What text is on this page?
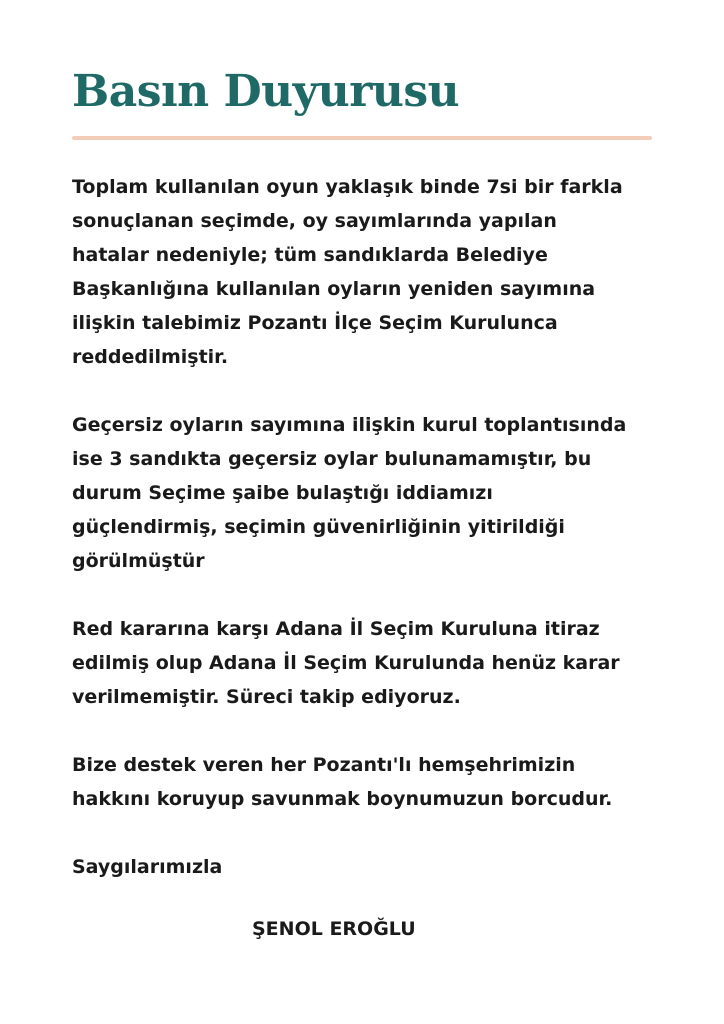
Basın Duyurusu

Toplam kullanılan oyun yaklaşık binde 7si bir farkla
sonuçlanan seçimde, oy sayımlarında yapılan
hatalar nedeniyle; tüm sandıklarda Belediye
Başkanlığına kullanılan oyların yeniden sayımına
ilişkin talebimiz Pozantı İlçe Seçim Kurulunca
reddedilmiştir.

Geçersiz oyların sayımına ilişkin kurul toplantısında
ise 3 sandıkta geçersiz oylar bulunamamıştır, bu
durum Seçime şaibe bulaştığı iddiamızı
güçlendirmiş, seçimin güvenirliğinin yitirildiği
görülmüştür

Red kararına karşı Adana İl Seçim Kuruluna itiraz
edilmiş olup Adana İl Seçim Kurulunda henüz karar
verilmemiştir. Süreci takip ediyoruz.

Bize destek veren her Pozantı'lı hemşehrimizin
hakkını koruyup savunmak boynumuzun borcudur.

Saygılarımızla

ŞENOL EROĞLU
